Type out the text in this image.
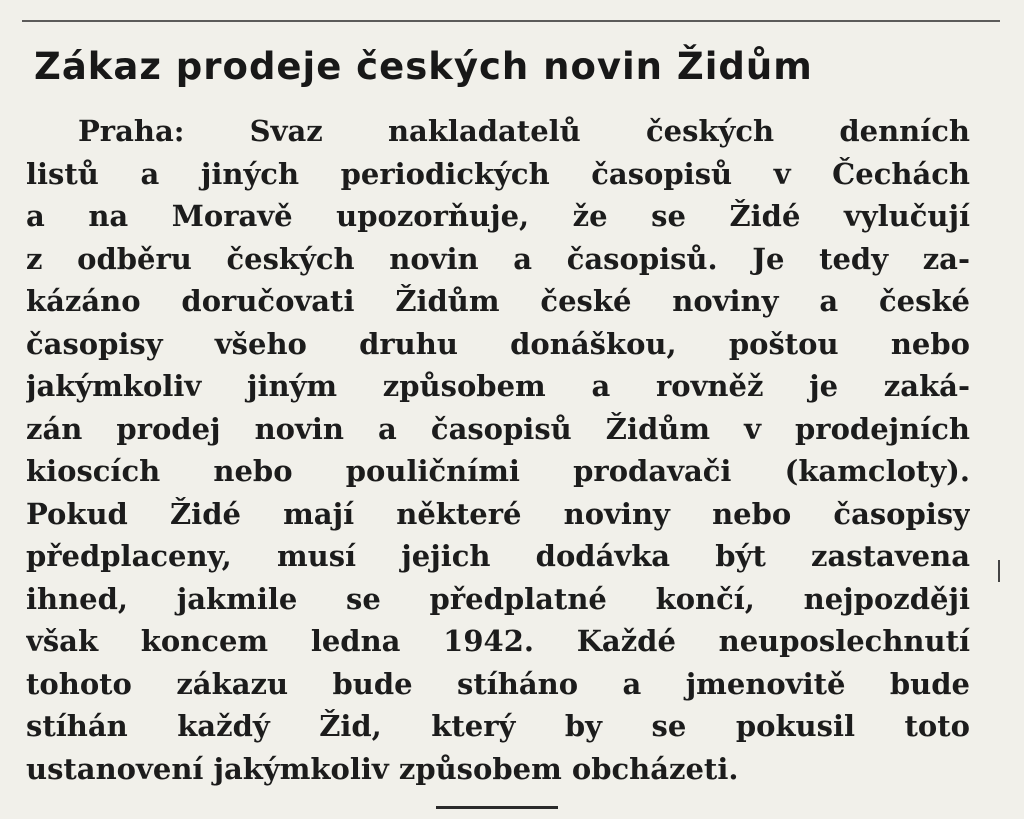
Zákaz prodeje českých novin Židům
Praha: Svaz nakladatelů českých denních
listů a jiných periodických časopisů v Čechách
a na Moravě upozorňuje, že se Židé vylučují
z odběru českých novin a časopisů. Je tedy za-
kázáno doručovati Židům české noviny a české
časopisy všeho druhu donáškou, poštou nebo
jakýmkoliv jiným způsobem a rovněž je zaká-
zán prodej novin a časopisů Židům v prodejních
kioscích nebo pouličními prodavači (kamcloty).
Pokud Židé mají některé noviny nebo časopisy
předplaceny, musí jejich dodávka být zastavena
ihned, jakmile se předplatné končí, nejpozději
však koncem ledna 1942. Každé neuposlechnutí
tohoto zákazu bude stíháno a jmenovitě bude
stíhán každý Žid, který by se pokusil toto
ustanovení jakýmkoliv způsobem obcházeti.
